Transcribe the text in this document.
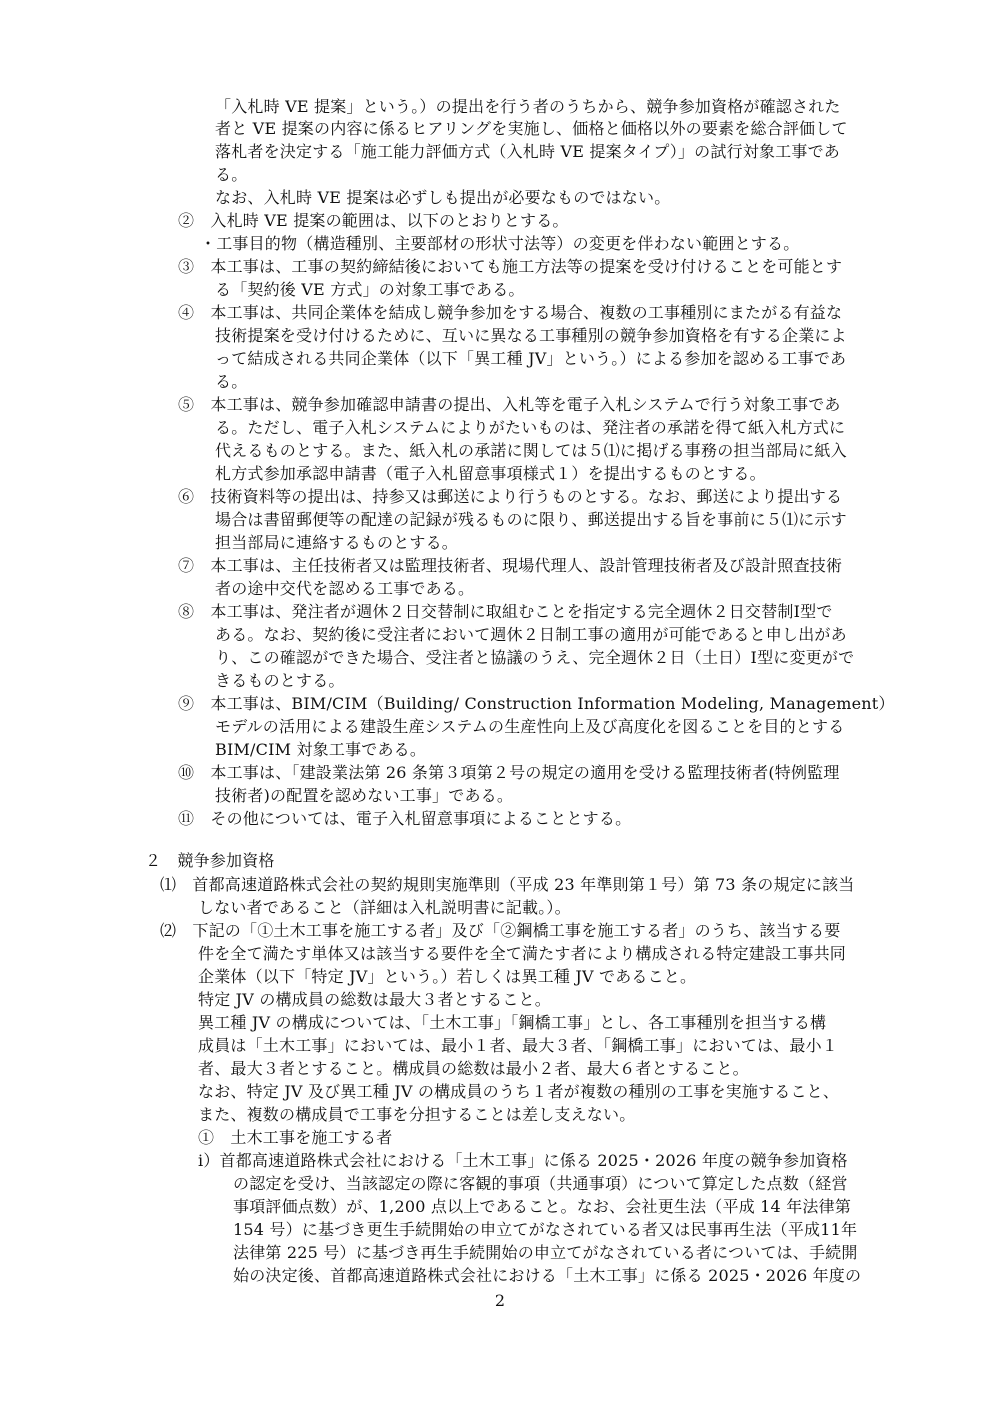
「入札時 VE 提案」という。）の提出を行う者のうちから、競争参加資格が確認された
者と VE 提案の内容に係るヒアリングを実施し、価格と価格以外の要素を総合評価して
落札者を決定する「施工能力評価方式（入札時 VE 提案タイプ）」の試行対象工事であ
る。
なお、入札時 VE 提案は必ずしも提出が必要なものではない。
②　入札時 VE 提案の範囲は、以下のとおりとする。
・工事目的物（構造種別、主要部材の形状寸法等）の変更を伴わない範囲とする。
③　本工事は、工事の契約締結後においても施工方法等の提案を受け付けることを可能とす
る「契約後 VE 方式」の対象工事である。
④　本工事は、共同企業体を結成し競争参加をする場合、複数の工事種別にまたがる有益な
技術提案を受け付けるために、互いに異なる工事種別の競争参加資格を有する企業によ
って結成される共同企業体（以下「異工種 JV」という。）による参加を認める工事であ
る。
⑤　本工事は、競争参加確認申請書の提出、入札等を電子入札システムで行う対象工事であ
る。ただし、電子入札システムによりがたいものは、発注者の承諾を得て紙入札方式に
代えるものとする。また、紙入札の承諾に関しては５⑴に掲げる事務の担当部局に紙入
札方式参加承認申請書（電子入札留意事項様式１）を提出するものとする。
⑥　技術資料等の提出は、持参又は郵送により行うものとする。なお、郵送により提出する
場合は書留郵便等の配達の記録が残るものに限り、郵送提出する旨を事前に５⑴に示す
担当部局に連絡するものとする。
⑦　本工事は、主任技術者又は監理技術者、現場代理人、設計管理技術者及び設計照査技術
者の途中交代を認める工事である。
⑧　本工事は、発注者が週休２日交替制に取組むことを指定する完全週休２日交替制Ⅰ型で
ある。なお、契約後に受注者において週休２日制工事の適用が可能であると申し出があ
り、この確認ができた場合、受注者と協議のうえ、完全週休２日（土日）Ⅰ型に変更がで
きるものとする。
⑨　本工事は、BIM/CIM（Building/ Construction Information Modeling, Management）
モデルの活用による建設生産システムの生産性向上及び高度化を図ることを目的とする
BIM/CIM 対象工事である。
⑩　本工事は、「建設業法第 26 条第３項第２号の規定の適用を受ける監理技術者(特例監理
技術者)の配置を認めない工事」である。
⑪　その他については、電子入札留意事項によることとする。
２　競争参加資格
⑴　首都高速道路株式会社の契約規則実施準則（平成 23 年準則第１号）第 73 条の規定に該当
しない者であること（詳細は入札説明書に記載。）。
⑵　下記の「①土木工事を施工する者」及び「②鋼橋工事を施工する者」のうち、該当する要
件を全て満たす単体又は該当する要件を全て満たす者により構成される特定建設工事共同
企業体（以下「特定 JV」という。）若しくは異工種 JV であること。
特定 JV の構成員の総数は最大３者とすること。
異工種 JV の構成については、「土木工事」「鋼橋工事」とし、各工事種別を担当する構
成員は「土木工事」においては、最小１者、最大３者、「鋼橋工事」においては、最小１
者、最大３者とすること。構成員の総数は最小２者、最大６者とすること。
なお、特定 JV 及び異工種 JV の構成員のうち１者が複数の種別の工事を実施すること、
また、複数の構成員で工事を分担することは差し支えない。
①　土木工事を施工する者
ⅰ）首都高速道路株式会社における「土木工事」に係る 2025・2026 年度の競争参加資格
の認定を受け、当該認定の際に客観的事項（共通事項）について算定した点数（経営
事項評価点数）が、1,200 点以上であること。なお、会社更生法（平成 14 年法律第
154 号）に基づき更生手続開始の申立てがなされている者又は民事再生法（平成11年
法律第 225 号）に基づき再生手続開始の申立てがなされている者については、手続開
始の決定後、首都高速道路株式会社における「土木工事」に係る 2025・2026 年度の
2
